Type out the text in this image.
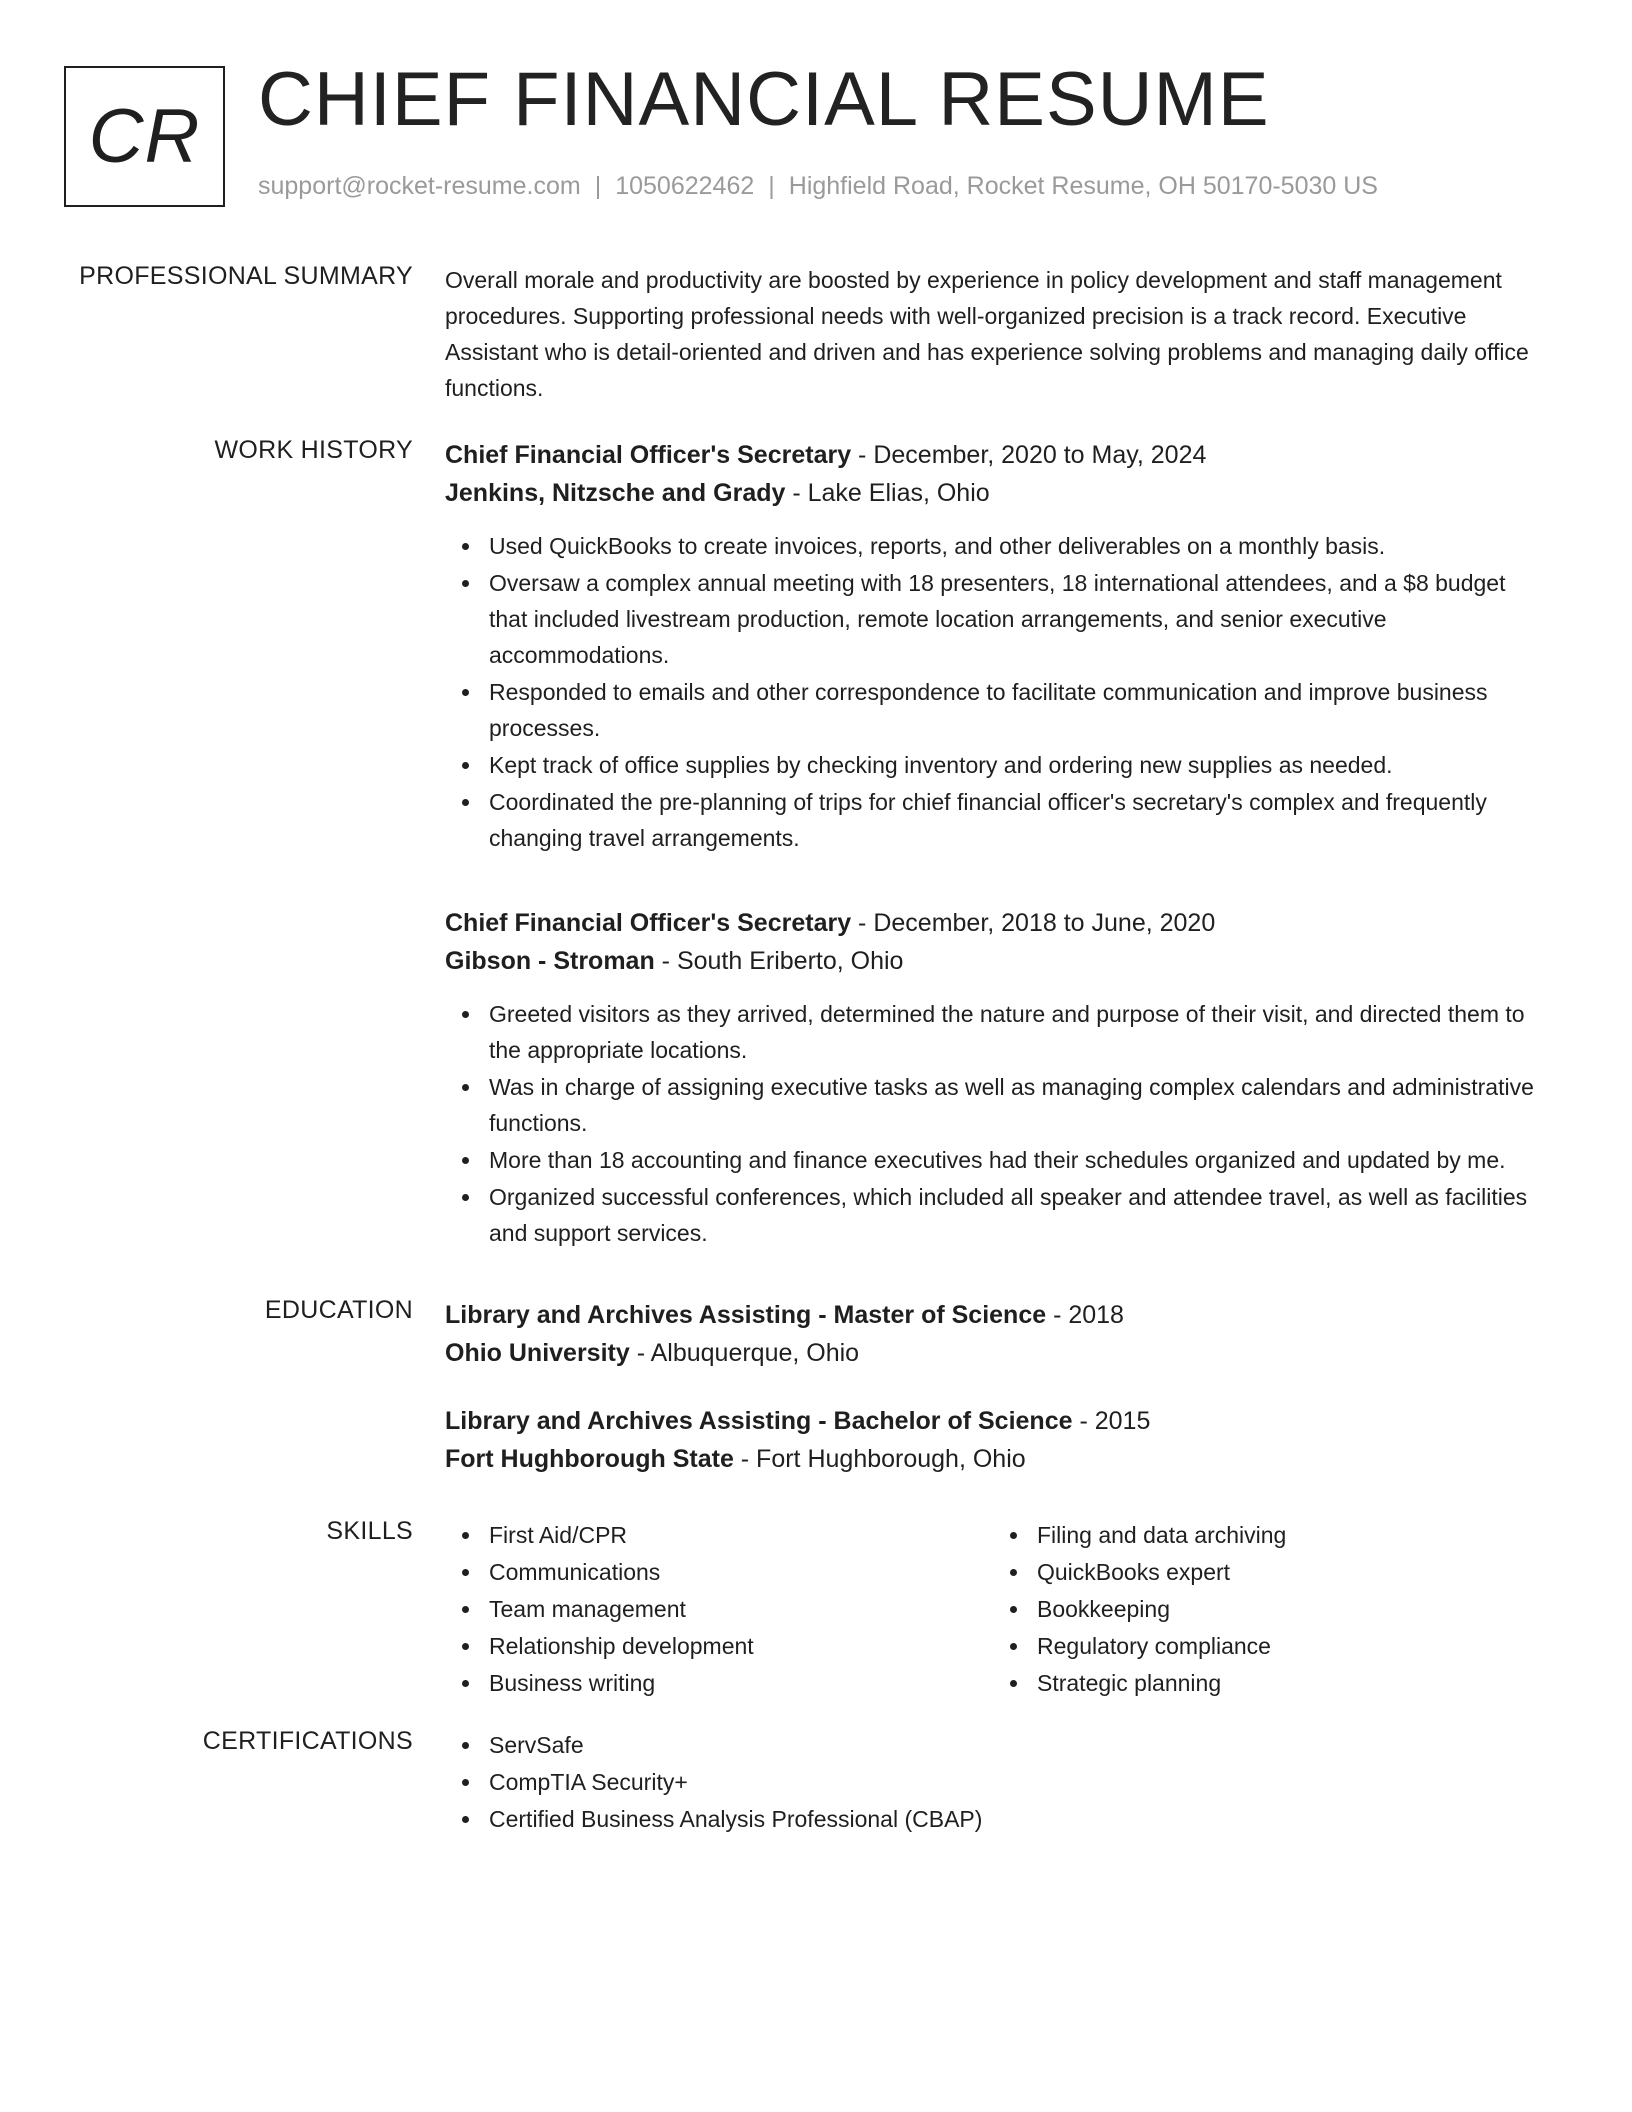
CR CHIEF FINANCIAL RESUME
support@rocket-resume.com | 1050622462 | Highfield Road, Rocket Resume, OH 50170-5030 US
PROFESSIONAL SUMMARY Overall morale and productivity are boosted by experience in policy development and staff management procedures. Supporting professional needs with well-organized precision is a track record. Executive Assistant who is detail-oriented and driven and has experience solving problems and managing daily office functions.

WORK HISTORY Chief Financial Officer's Secretary - December, 2020 to May, 2024

Jenkins, Nitzsche and Grady - Lake Elias, Ohio

Used QuickBooks to create invoices, reports, and other deliverables on a monthly basis.
Oversaw a complex annual meeting with 18 presenters, 18 international attendees, and a $8 budget that included livestream production, remote location arrangements, and senior executive accommodations.
Responded to emails and other correspondence to facilitate communication and improve business processes.
Kept track of office supplies by checking inventory and ordering new supplies as needed.
Coordinated the pre-planning of trips for chief financial officer's secretary's complex and frequently changing travel arrangements.

Chief Financial Officer's Secretary - December, 2018 to June, 2020

Gibson - Stroman - South Eriberto, Ohio

Greeted visitors as they arrived, determined the nature and purpose of their visit, and directed them to the appropriate locations.
Was in charge of assigning executive tasks as well as managing complex calendars and administrative functions.
More than 18 accounting and finance executives had their schedules organized and updated by me.
Organized successful conferences, which included all speaker and attendee travel, as well as facilities and support services.
EDUCATION Library and Archives Assisting - Master of Science - 2018

Ohio University - Albuquerque, Ohio

Library and Archives Assisting - Bachelor of Science - 2015

Fort Hughborough State - Fort Hughborough, Ohio

SKILLS	First Aid/CPR
Communications
Team management
Relationship development
Business writing
Filing and data archiving
QuickBooks expert
Bookkeeping
Regulatory compliance
Strategic planning
CERTIFICATIONS	ServSafe
CompTIA Security+
Certified Business Analysis Professional (CBAP)
